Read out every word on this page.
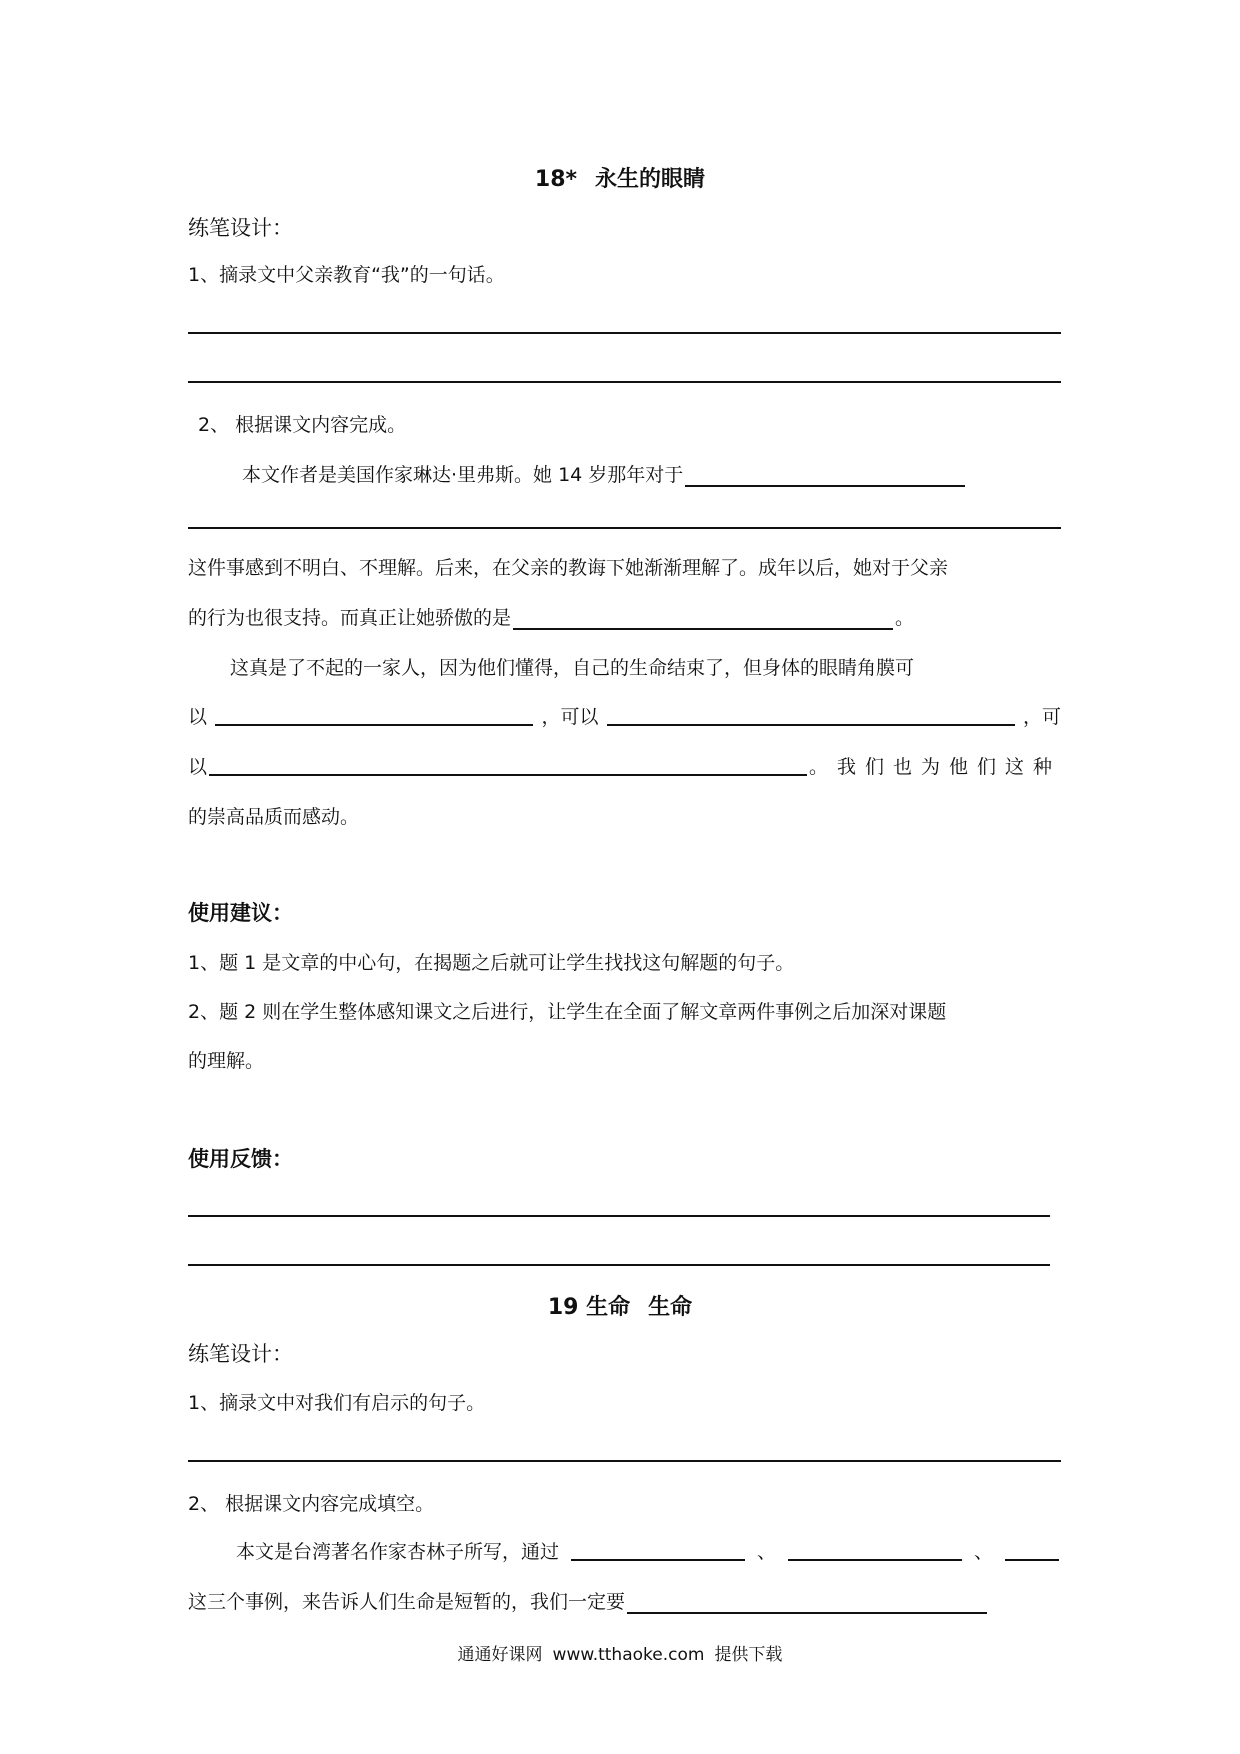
18* 永生的眼睛
练笔设计：
1、摘录文中父亲教育“我”的一句话。
2、 根据课文内容完成。
本文作者是美国作家琳达·里弗斯。她 14 岁那年对于
这件事感到不明白、不理解。后来，在父亲的教诲下她渐渐理解了。成年以后，她对于父亲
的行为也很支持。而真正让她骄傲的是	。
这真是了不起的一家人，因为他们懂得，自己的生命结束了，但身体的眼睛角膜可
以	，可以	，可
以	。我们也为他们这种
的崇高品质而感动。
使用建议：
1、题 1 是文章的中心句，在揭题之后就可让学生找找这句解题的句子。
2、题 2 则在学生整体感知课文之后进行，让学生在全面了解文章两件事例之后加深对课题
的理解。
使用反馈：
19 生命 生命
练笔设计：
1、摘录文中对我们有启示的句子。
2、 根据课文内容完成填空。
本文是台湾著名作家杏林子所写，通过	、	、
这三个事例，来告诉人们生命是短暂的，我们一定要
通通好课网 www.tthaoke.com 提供下载
